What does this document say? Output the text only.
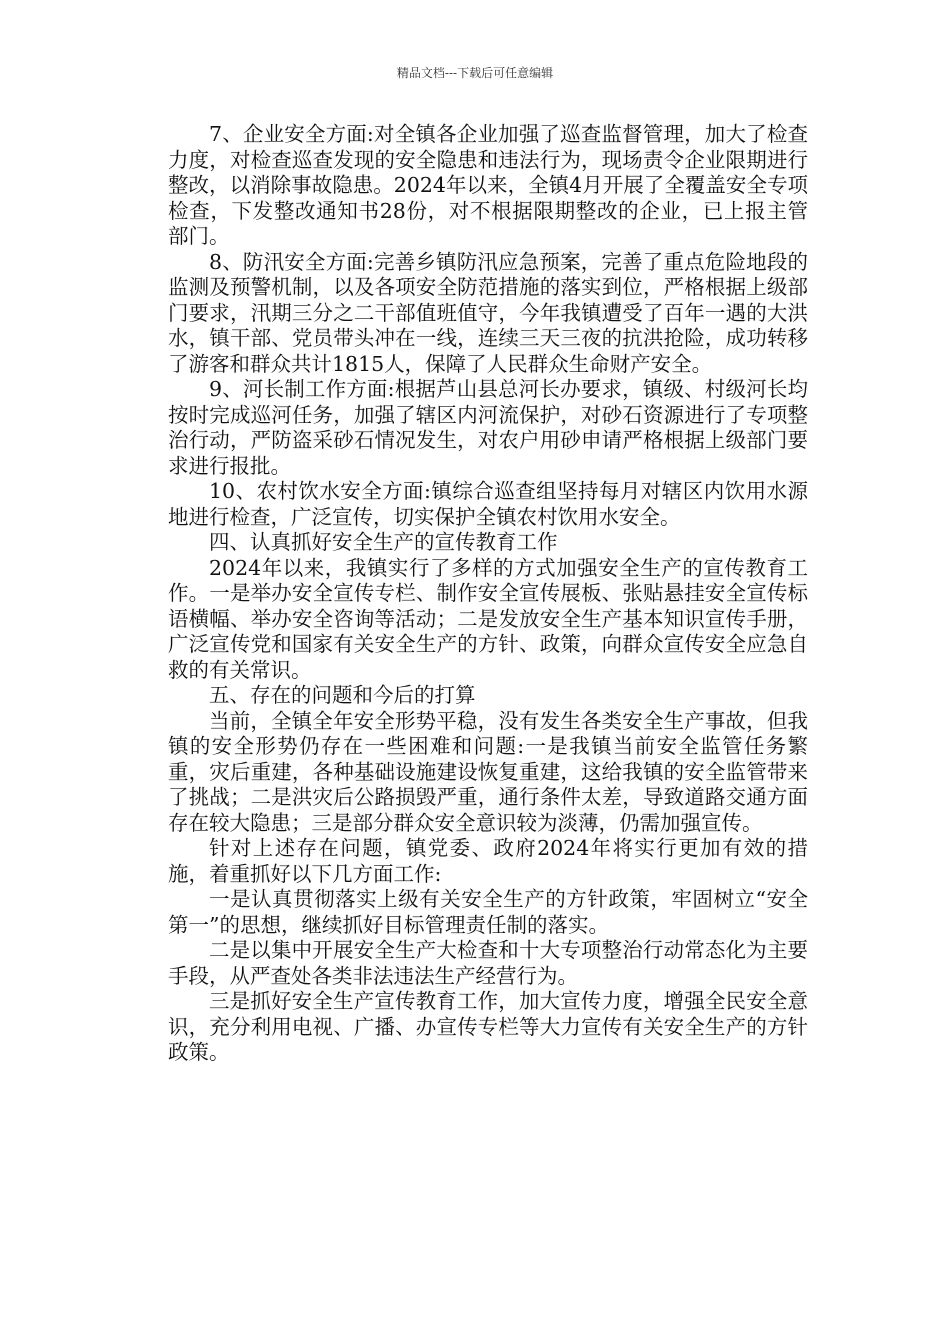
精品文档---下载后可任意编辑

7、企业安全方面:对全镇各企业加强了巡查监督管理，加大了检查力度，对检查巡查发现的安全隐患和违法行为，现场责令企业限期进行整改，以消除事故隐患。2024年以来，全镇4月开展了全覆盖安全专项检查，下发整改通知书28份，对不根据限期整改的企业，已上报主管部门。

8、防汛安全方面:完善乡镇防汛应急预案，完善了重点危险地段的监测及预警机制，以及各项安全防范措施的落实到位，严格根据上级部门要求，汛期三分之二干部值班值守，今年我镇遭受了百年一遇的大洪水，镇干部、党员带头冲在一线，连续三天三夜的抗洪抢险，成功转移了游客和群众共计1815人，保障了人民群众生命财产安全。

9、河长制工作方面:根据芦山县总河长办要求，镇级、村级河长均按时完成巡河任务，加强了辖区内河流保护，对砂石资源进行了专项整治行动，严防盗采砂石情况发生，对农户用砂申请严格根据上级部门要求进行报批。

10、农村饮水安全方面:镇综合巡查组坚持每月对辖区内饮用水源地进行检查，广泛宣传，切实保护全镇农村饮用水安全。

四、认真抓好安全生产的宣传教育工作

2024年以来，我镇实行了多样的方式加强安全生产的宣传教育工作。一是举办安全宣传专栏、制作安全宣传展板、张贴悬挂安全宣传标语横幅、举办安全咨询等活动；二是发放安全生产基本知识宣传手册，广泛宣传党和国家有关安全生产的方针、政策，向群众宣传安全应急自救的有关常识。

五、存在的问题和今后的打算

当前，全镇全年安全形势平稳，没有发生各类安全生产事故，但我镇的安全形势仍存在一些困难和问题:一是我镇当前安全监管任务繁重，灾后重建，各种基础设施建设恢复重建，这给我镇的安全监管带来了挑战；二是洪灾后公路损毁严重，通行条件太差，导致道路交通方面存在较大隐患；三是部分群众安全意识较为淡薄，仍需加强宣传。

针对上述存在问题，镇党委、政府2024年将实行更加有效的措施，着重抓好以下几方面工作:

一是认真贯彻落实上级有关安全生产的方针政策，牢固树立“安全第一”的思想，继续抓好目标管理责任制的落实。

二是以集中开展安全生产大检查和十大专项整治行动常态化为主要手段，从严查处各类非法违法生产经营行为。

三是抓好安全生产宣传教育工作，加大宣传力度，增强全民安全意识，充分利用电视、广播、办宣传专栏等大力宣传有关安全生产的方针政策。
